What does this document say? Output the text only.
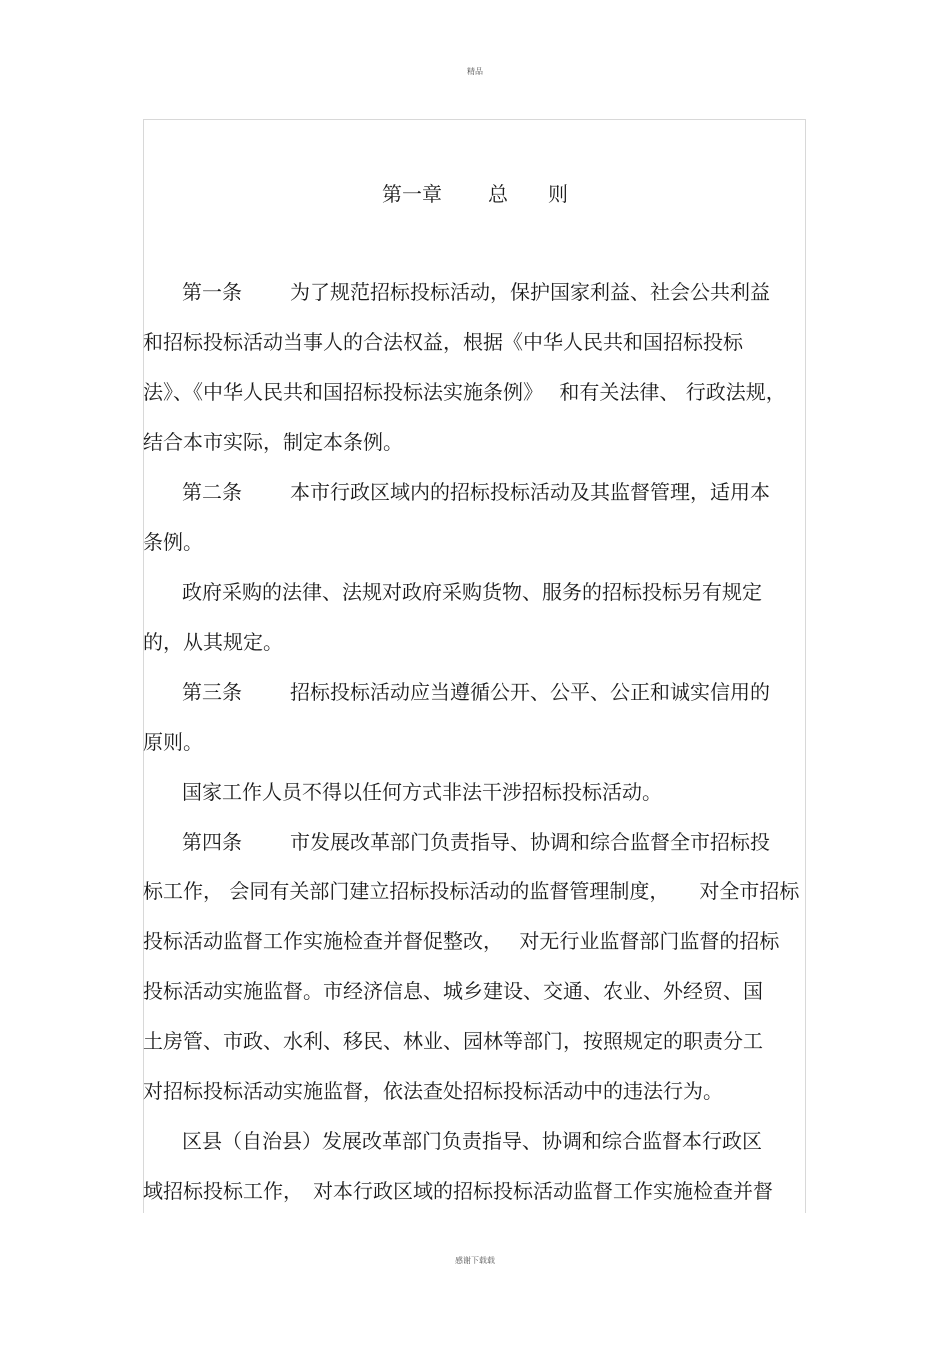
精品
第一章 总 则
第一条 为了规范招标投标活动，保护国家利益、社会公共利益
和招标投标活动当事人的合法权益，根据《中华人民共和国招标投标
法》、《中华人民共和国招标投标法实施条例》　 和有关法律、 行政法规，
结合本市实际，制定本条例。
第二条 本市行政区域内的招标投标活动及其监督管理，适用本
条例。
政府采购的法律、法规对政府采购货物、服务的招标投标另有规定
的，从其规定。
第三条 招标投标活动应当遵循公开、公平、公正和诚实信用的
原则。
国家工作人员不得以任何方式非法干涉招标投标活动。
第四条 市发展改革部门负责指导、协调和综合监督全市招标投
标工作， 会同有关部门建立招标投标活动的监督管理制度，　　对全市招标
投标活动监督工作实施检查并督促整改，　 对无行业监督部门监督的招标
投标活动实施监督。市经济信息、城乡建设、交通、农业、外经贸、国
土房管、市政、水利、移民、林业、园林等部门，按照规定的职责分工
对招标投标活动实施监督，依法查处招标投标活动中的违法行为。
区县（自治县）发展改革部门负责指导、协调和综合监督本行政区
域招标投标工作，　对本行政区域的招标投标活动监督工作实施检查并督
感谢下载载
